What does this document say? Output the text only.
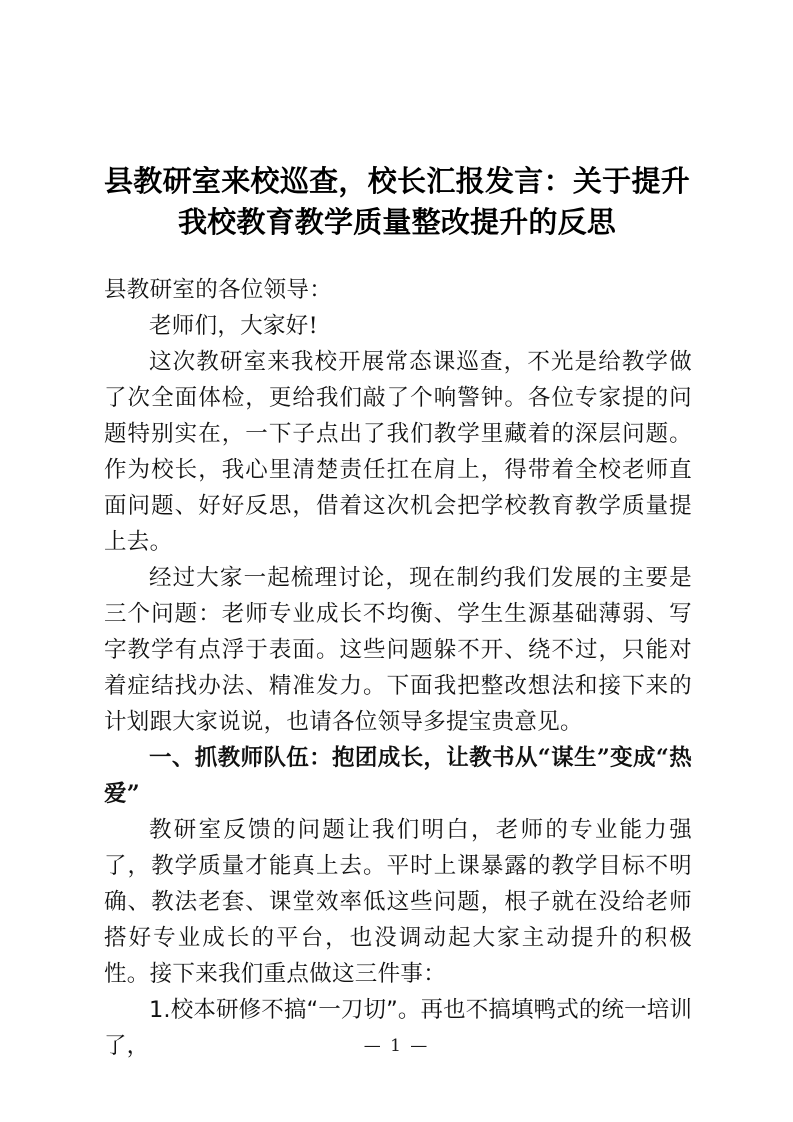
县教研室来校巡查，校长汇报发言：关于提升我校教育教学质量整改提升的反思

县教研室的各位领导：

老师们，大家好!

这次教研室来我校开展常态课巡查，不光是给教学做了次全面体检，更给我们敲了个响警钟。各位专家提的问题特别实在，一下子点出了我们教学里藏着的深层问题。作为校长，我心里清楚责任扛在肩上，得带着全校老师直面问题、好好反思，借着这次机会把学校教育教学质量提上去。

经过大家一起梳理讨论，现在制约我们发展的主要是三个问题：老师专业成长不均衡、学生生源基础薄弱、写字教学有点浮于表面。这些问题躲不开、绕不过，只能对着症结找办法、精准发力。下面我把整改想法和接下来的计划跟大家说说，也请各位领导多提宝贵意见。

一、抓教师队伍：抱团成长，让教书从“谋生”变成“热爱”

教研室反馈的问题让我们明白，老师的专业能力强了，教学质量才能真上去。平时上课暴露的教学目标不明确、教法老套、课堂效率低这些问题，根子就在没给老师搭好专业成长的平台，也没调动起大家主动提升的积极性。接下来我们重点做这三件事：

1.校本研修不搞“一刀切”。再也不搞填鸭式的统一培训了，	— 1 —
